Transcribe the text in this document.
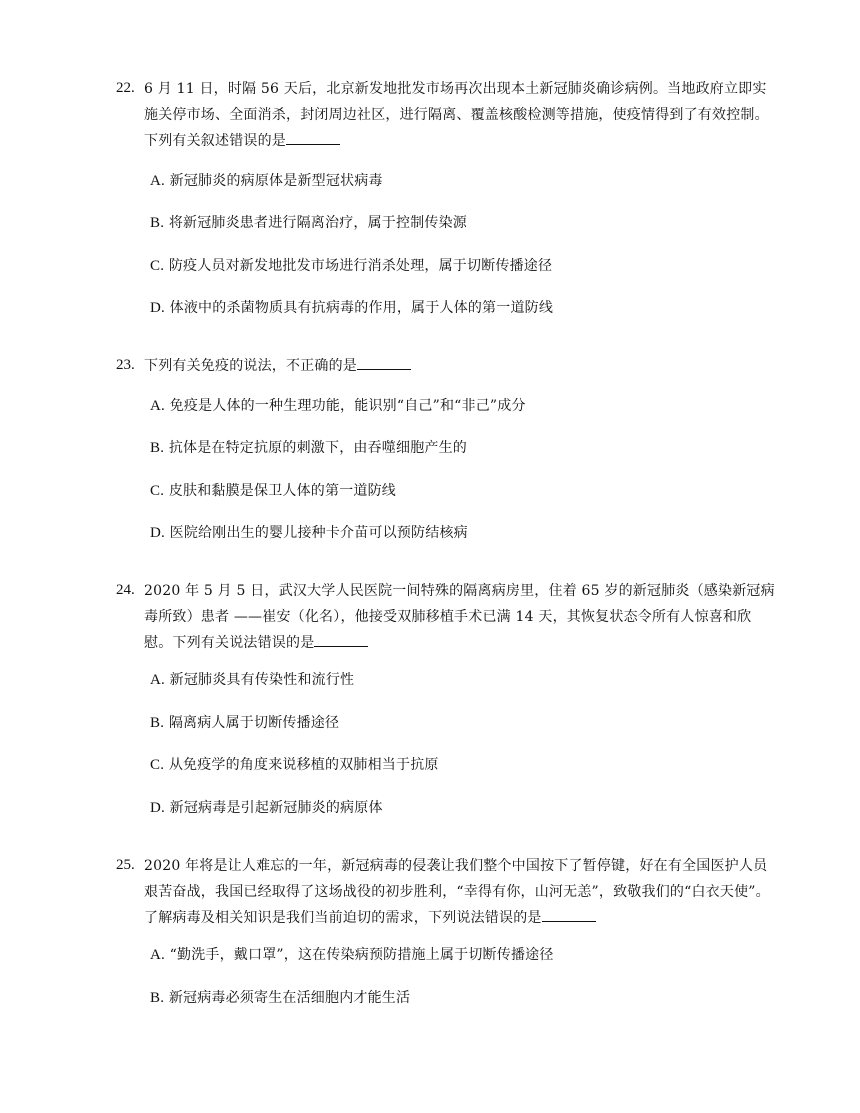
22. 6 月 11 日，时隔 56 天后，北京新发地批发市场再次出现本土新冠肺炎确诊病例。当地政府立即实施关停市场、全面消杀，封闭周边社区，进行隔离、覆盖核酸检测等措施，使疫情得到了有效控制。下列有关叙述错误的是
A. 新冠肺炎的病原体是新型冠状病毒
B. 将新冠肺炎患者进行隔离治疗，属于控制传染源
C. 防疫人员对新发地批发市场进行消杀处理，属于切断传播途径
D. 体液中的杀菌物质具有抗病毒的作用，属于人体的第一道防线
23. 下列有关免疫的说法，不正确的是
A. 免疫是人体的一种生理功能，能识别“自己”和“非己”成分
B. 抗体是在特定抗原的刺激下，由吞噬细胞产生的
C. 皮肤和黏膜是保卫人体的第一道防线
D. 医院给刚出生的婴儿接种卡介苗可以预防结核病
24. 2020 年 5 月 5 日，武汉大学人民医院一间特殊的隔离病房里，住着 65 岁的新冠肺炎（感染新冠病毒所致）患者 ——崔安（化名），他接受双肺移植手术已满 14 天，其恢复状态令所有人惊喜和欣慰。下列有关说法错误的是
A. 新冠肺炎具有传染性和流行性
B. 隔离病人属于切断传播途径
C. 从免疫学的角度来说移植的双肺相当于抗原
D. 新冠病毒是引起新冠肺炎的病原体
25. 2020 年将是让人难忘的一年，新冠病毒的侵袭让我们整个中国按下了暂停键，好在有全国医护人员艰苦奋战，我国已经取得了这场战役的初步胜利，“幸得有你，山河无恙”，致敬我们的“白衣天使”。了解病毒及相关知识是我们当前迫切的需求，下列说法错误的是
A. “勤洗手，戴口罩”，这在传染病预防措施上属于切断传播途径
B. 新冠病毒必须寄生在活细胞内才能生活
